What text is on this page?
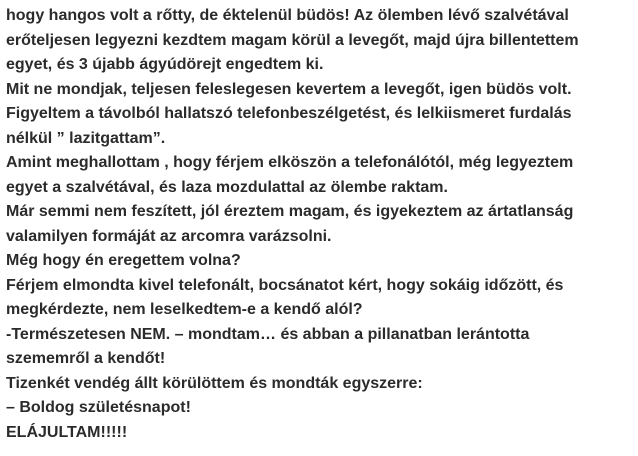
hogy hangos volt a rőtty, de éktelenül büdös! Az ölemben lévő szalvétával
erőteljesen legyezni kezdtem magam körül a levegőt, majd újra billentettem
egyet, és 3 újabb ágyúdörejt engedtem ki.
Mit ne mondjak, teljesen feleslegesen kevertem a levegőt, igen büdös volt.
Figyeltem a távolból hallatszó telefonbeszélgetést, és lelkiismeret furdalás
nélkül ” lazitgattam”.
Amint meghallottam , hogy férjem elköszön a telefonálótól, még legyeztem
egyet a szalvétával, és laza mozdulattal az ölembe raktam.
Már semmi nem feszített, jól éreztem magam, és igyekeztem az ártatlanság
valamilyen formáját az arcomra varázsolni.
Még hogy én eregettem volna?
Férjem elmondta kivel telefonált, bocsánatot kért, hogy sokáig időzött, és
megkérdezte, nem leselkedtem-e a kendő alól?
-Természetesen NEM. – mondtam… és abban a pillanatban lerántotta
szememről a kendőt!
Tizenkét vendég állt körülöttem és mondták egyszerre:
– Boldog születésnapot!
ELÁJULTAM!!!!!
